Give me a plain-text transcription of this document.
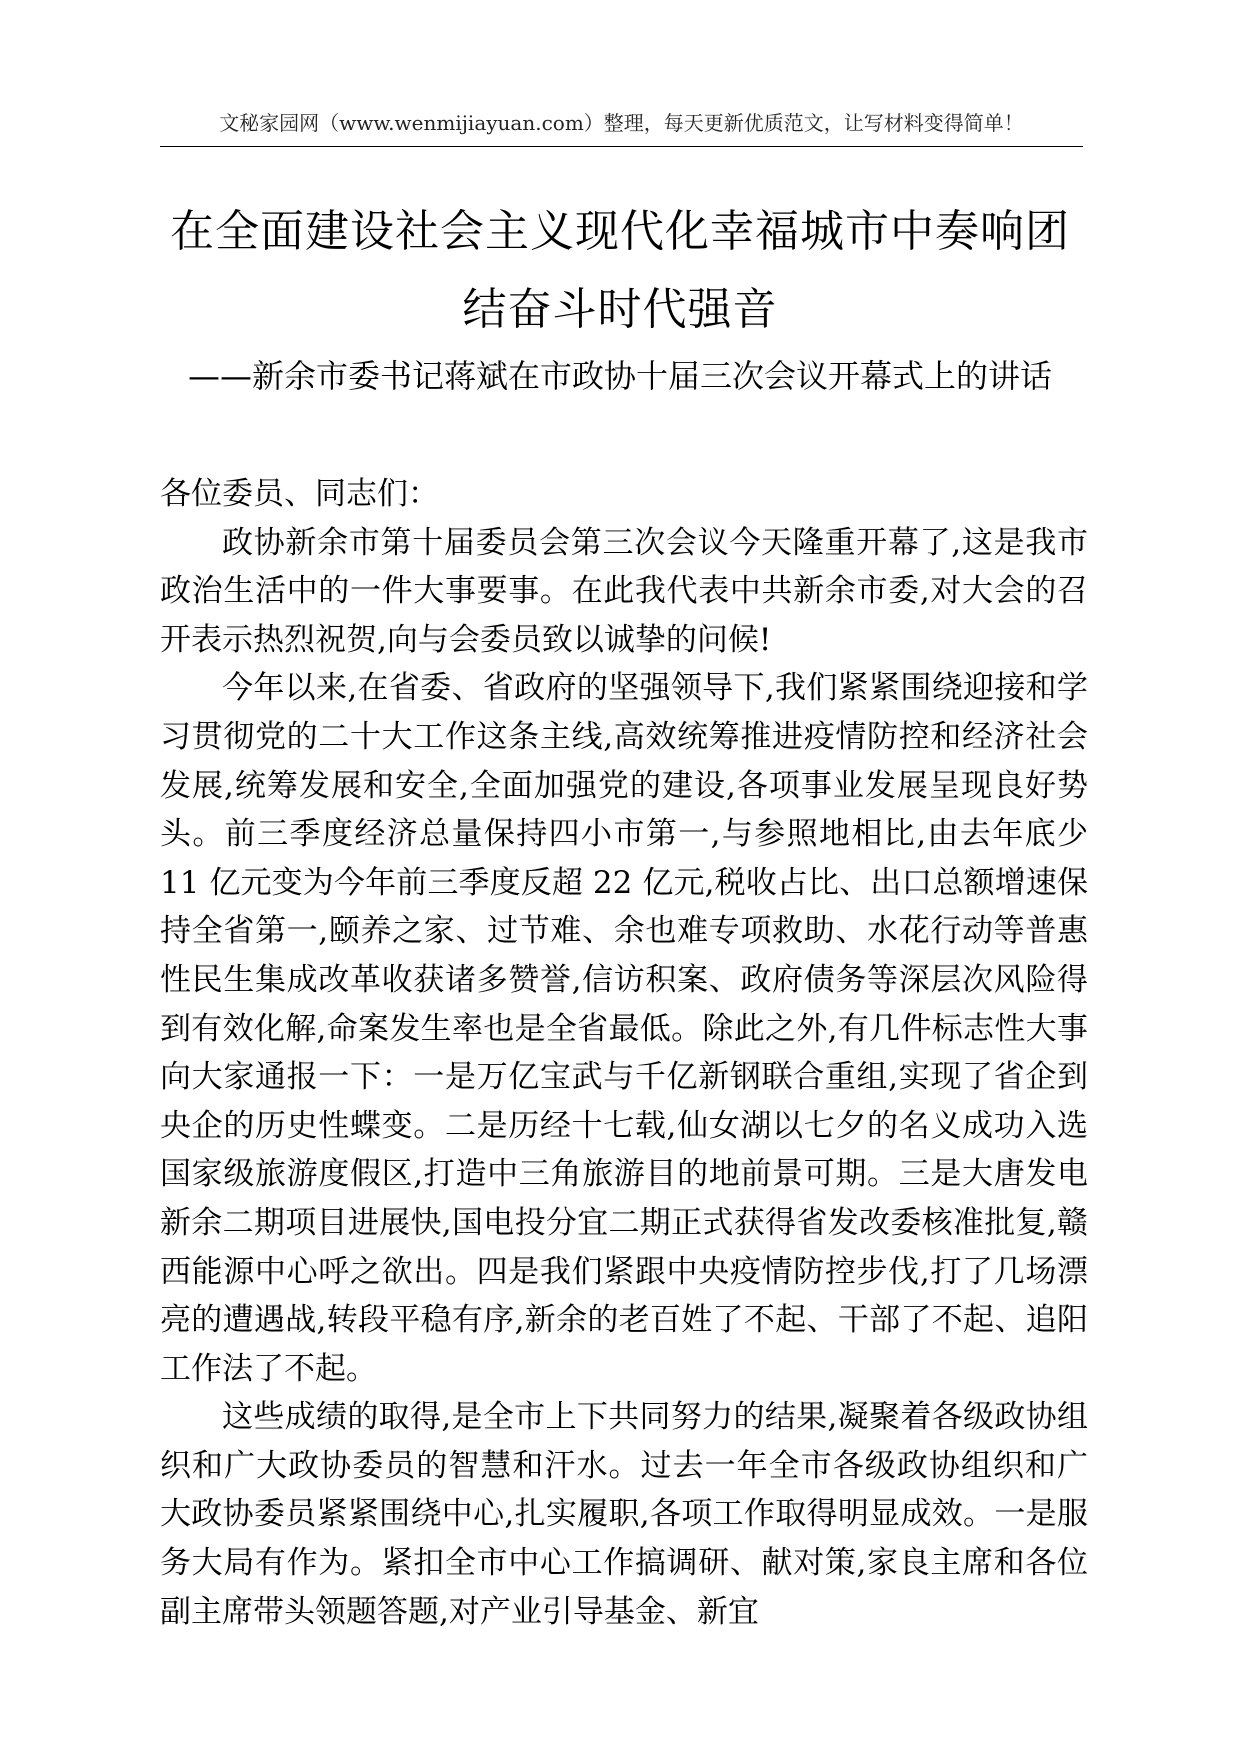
文秘家园网（www.wenmijiayuan.com）整理，每天更新优质范文，让写材料变得简单！
在全面建设社会主义现代化幸福城市中奏响团
结奋斗时代强音
——新余市委书记蒋斌在市政协十届三次会议开幕式上的讲话

各位委员、同志们：

政协新余市第十届委员会第三次会议今天隆重开幕了,这是我市政治生活中的一件大事要事。在此我代表中共新余市委,对大会的召开表示热烈祝贺,向与会委员致以诚挚的问候!

今年以来,在省委、省政府的坚强领导下,我们紧紧围绕迎接和学习贯彻党的二十大工作这条主线,高效统筹推进疫情防控和经济社会发展,统筹发展和安全,全面加强党的建设,各项事业发展呈现良好势头。前三季度经济总量保持四小市第一,与参照地相比,由去年底少 11 亿元变为今年前三季度反超 22 亿元,税收占比、出口总额增速保持全省第一,颐养之家、过节难、余也难专项救助、水花行动等普惠性民生集成改革收获诸多赞誉,信访积案、政府债务等深层次风险得到有效化解,命案发生率也是全省最低。除此之外,有几件标志性大事向大家通报一下：一是万亿宝武与千亿新钢联合重组,实现了省企到央企的历史性蝶变。二是历经十七载,仙女湖以七夕的名义成功入选国家级旅游度假区,打造中三角旅游目的地前景可期。三是大唐发电新余二期项目进展快,国电投分宜二期正式获得省发改委核准批复,赣西能源中心呼之欲出。四是我们紧跟中央疫情防控步伐,打了几场漂亮的遭遇战,转段平稳有序,新余的老百姓了不起、干部了不起、追阳工作法了不起。

这些成绩的取得,是全市上下共同努力的结果,凝聚着各级政协组织和广大政协委员的智慧和汗水。过去一年全市各级政协组织和广大政协委员紧紧围绕中心,扎实履职,各项工作取得明显成效。一是服务大局有作为。紧扣全市中心工作搞调研、献对策,家良主席和各位副主席带头领题答题,对产业引导基金、新宜
